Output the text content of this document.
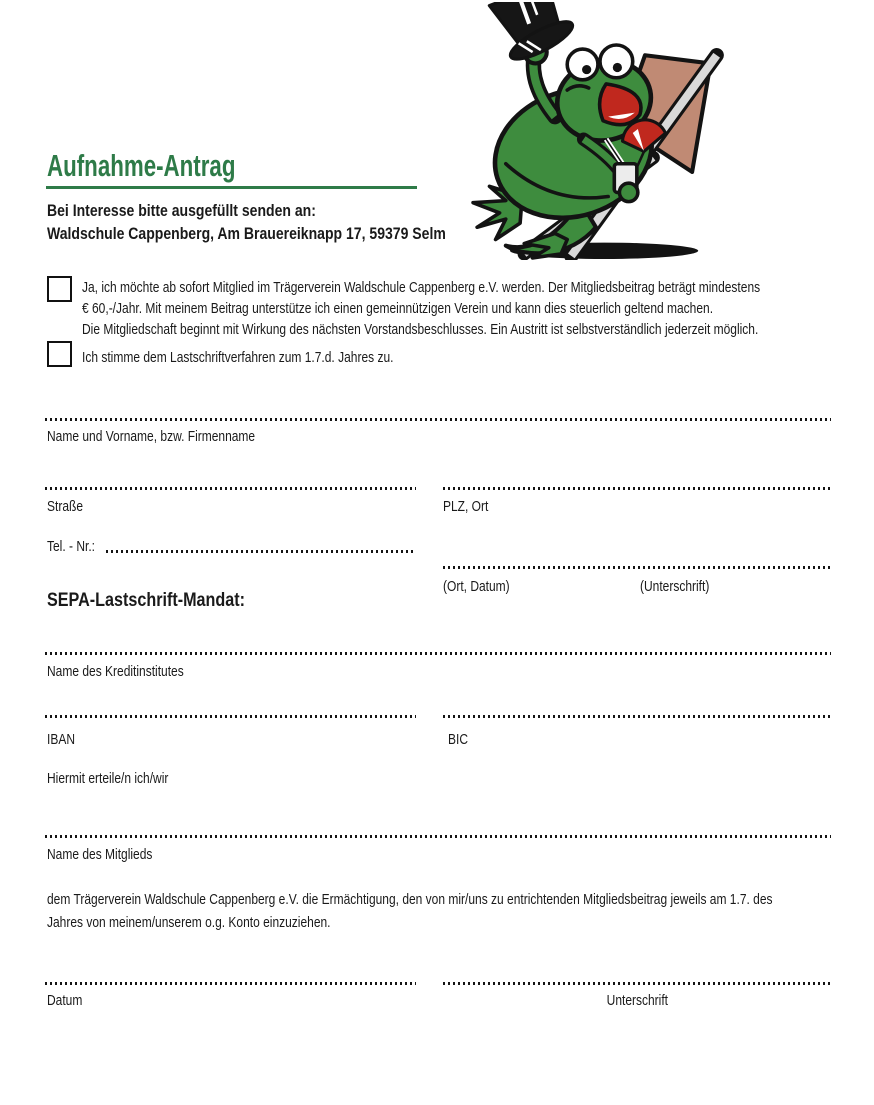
Aufnahme-Antrag
Bei Interesse bitte ausgefüllt senden an:
Waldschule Cappenberg, Am Brauereiknapp 17, 59379 Selm
Ja, ich möchte ab sofort Mitglied im Trägerverein Waldschule Cappenberg e.V. werden. Der Mitgliedsbeitrag beträgt mindestens
€ 60,-/Jahr. Mit meinem Beitrag unterstütze ich einen gemeinnützigen Verein und kann dies steuerlich geltend machen.
Die Mitgliedschaft beginnt mit Wirkung des nächsten Vorstandsbeschlusses. Ein Austritt ist selbstverständlich jederzeit möglich.
Ich stimme dem Lastschriftverfahren zum 1.7.d. Jahres zu.
Name und Vorname, bzw. Firmenname
Straße	PLZ, Ort
Tel. - Nr.:
(Ort, Datum)	(Unterschrift)
SEPA-Lastschrift-Mandat:
Name des Kreditinstitutes
IBAN	BIC
Hiermit erteile/n ich/wir
Name des Mitglieds
dem Trägerverein Waldschule Cappenberg e.V. die Ermächtigung, den von mir/uns zu entrichtenden Mitgliedsbeitrag jeweils am 1.7. des
Jahres von meinem/unserem o.g. Konto einzuziehen.
Datum	Unterschrift
